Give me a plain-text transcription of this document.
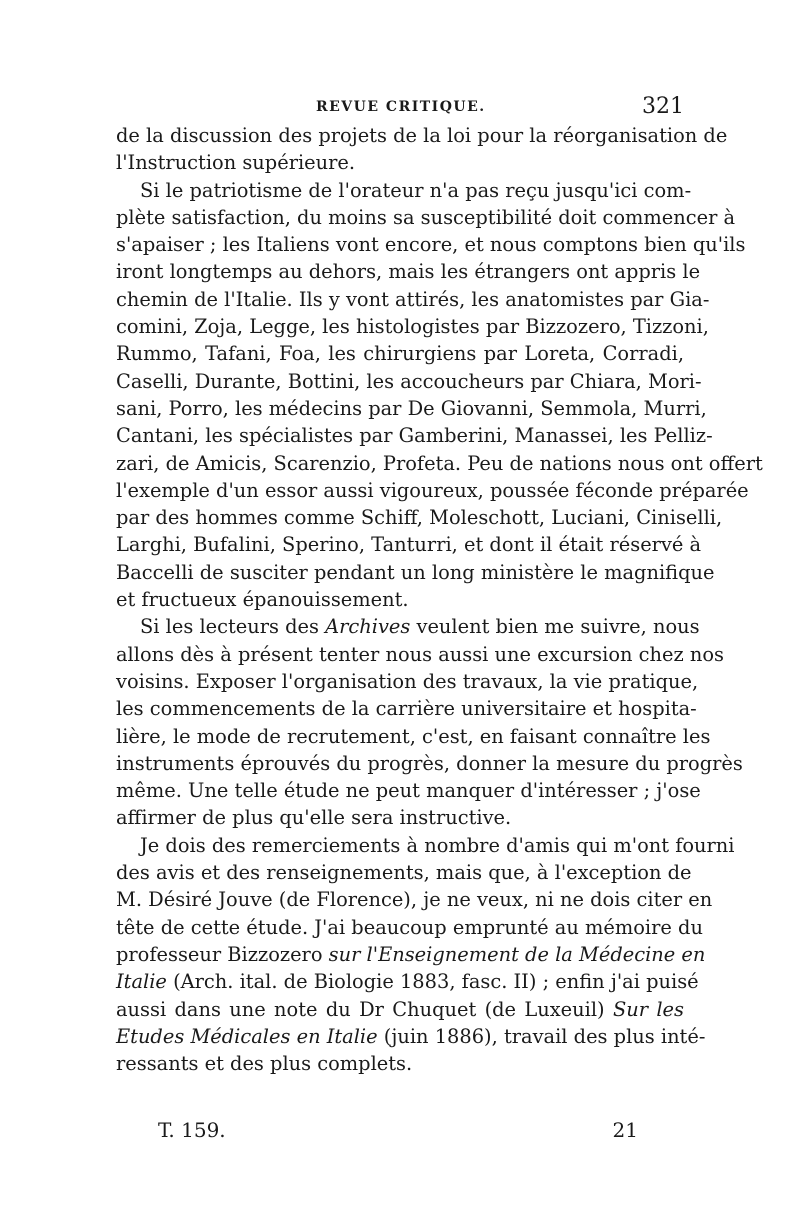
REVUE CRITIQUE.	321
de la discussion des projets de la loi pour la réorganisation de
l'Instruction supérieure.
Si le patriotisme de l'orateur n'a pas reçu jusqu'ici com-
plète satisfaction, du moins sa susceptibilité doit commencer à
s'apaiser ; les Italiens vont encore, et nous comptons bien qu'ils
iront longtemps au dehors, mais les étrangers ont appris le
chemin de l'Italie. Ils y vont attirés, les anatomistes par Gia-
comini, Zoja, Legge, les histologistes par Bizzozero, Tizzoni,
Rummo, Tafani, Foa, les chirurgiens par Loreta, Corradi,
Caselli, Durante, Bottini, les accoucheurs par Chiara, Mori-
sani, Porro, les médecins par De Giovanni, Semmola, Murri,
Cantani, les spécialistes par Gamberini, Manassei, les Pelliz-
zari, de Amicis, Scarenzio, Profeta. Peu de nations nous ont offert
l'exemple d'un essor aussi vigoureux, poussée féconde préparée
par des hommes comme Schiff, Moleschott, Luciani, Ciniselli,
Larghi, Bufalini, Sperino, Tanturri, et dont il était réservé à
Baccelli de susciter pendant un long ministère le magnifique
et fructueux épanouissement.
Si les lecteurs des Archives veulent bien me suivre, nous
allons dès à présent tenter nous aussi une excursion chez nos
voisins. Exposer l'organisation des travaux, la vie pratique,
les commencements de la carrière universitaire et hospita-
lière, le mode de recrutement, c'est, en faisant connaître les
instruments éprouvés du progrès, donner la mesure du progrès
même. Une telle étude ne peut manquer d'intéresser ; j'ose
affirmer de plus qu'elle sera instructive.
Je dois des remerciements à nombre d'amis qui m'ont fourni
des avis et des renseignements, mais que, à l'exception de
M. Désiré Jouve (de Florence), je ne veux, ni ne dois citer en
tête de cette étude. J'ai beaucoup emprunté au mémoire du
professeur Bizzozero sur l'Enseignement de la Médecine en
Italie (Arch. ital. de Biologie 1883, fasc. II) ; enfin j'ai puisé
aussi dans une note du Dr Chuquet (de Luxeuil) Sur les
Etudes Médicales en Italie (juin 1886), travail des plus inté-
ressants et des plus complets.
T. 159.	21
